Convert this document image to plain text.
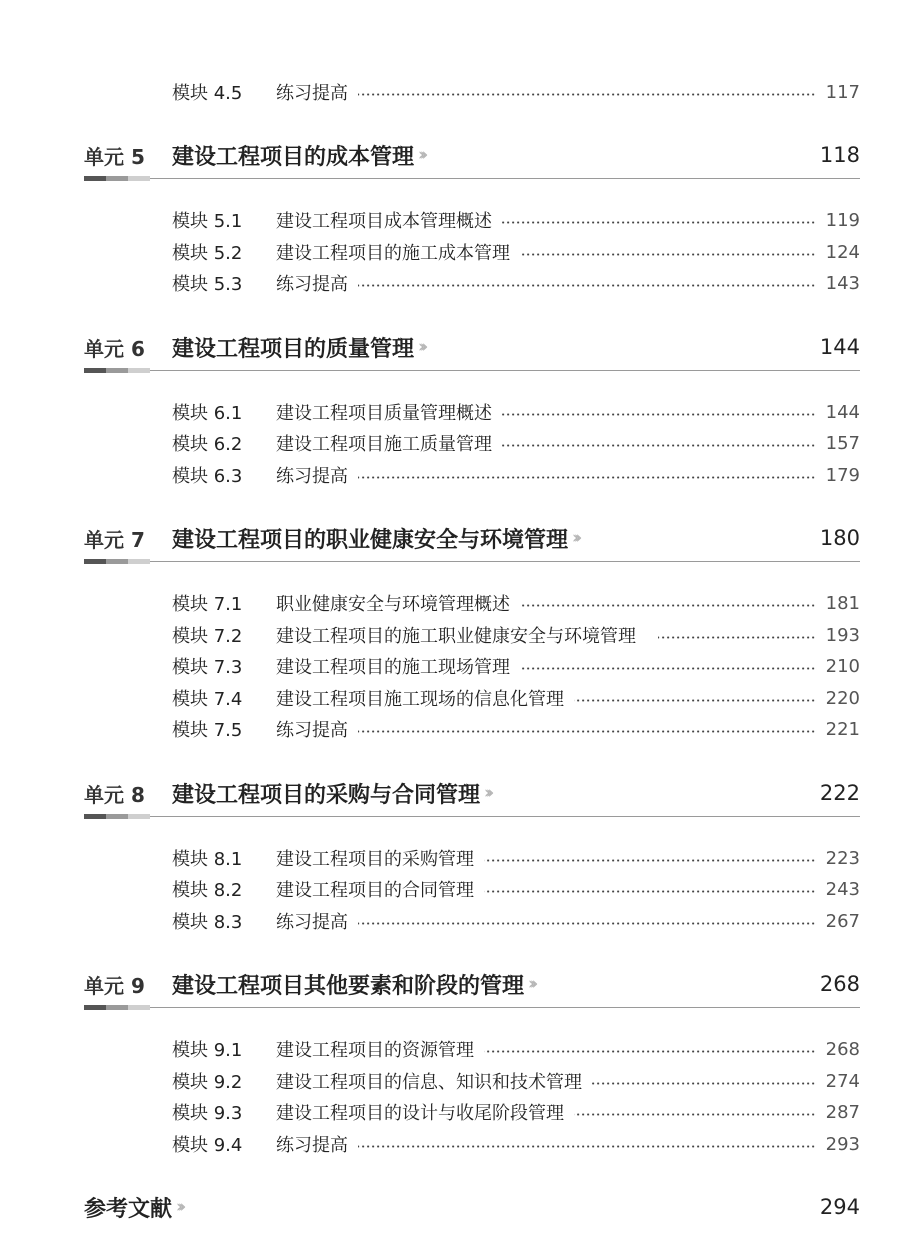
模块 4.5	练习提高	117
单元 5	建设工程项目的成本管理 ›››	118
模块 5.1	建设工程项目成本管理概述	119
模块 5.2	建设工程项目的施工成本管理	124
模块 5.3	练习提高	143
单元 6	建设工程项目的质量管理 ›››	144
模块 6.1	建设工程项目质量管理概述	144
模块 6.2	建设工程项目施工质量管理	157
模块 6.3	练习提高	179
单元 7	建设工程项目的职业健康安全与环境管理 ›››	180
模块 7.1	职业健康安全与环境管理概述	181
模块 7.2	建设工程项目的施工职业健康安全与环境管理	193
模块 7.3	建设工程项目的施工现场管理	210
模块 7.4	建设工程项目施工现场的信息化管理	220
模块 7.5	练习提高	221
单元 8	建设工程项目的采购与合同管理 ›››	222
模块 8.1	建设工程项目的采购管理	223
模块 8.2	建设工程项目的合同管理	243
模块 8.3	练习提高	267
单元 9	建设工程项目其他要素和阶段的管理 ›››	268
模块 9.1	建设工程项目的资源管理	268
模块 9.2	建设工程项目的信息、知识和技术管理	274
模块 9.3	建设工程项目的设计与收尾阶段管理	287
模块 9.4	练习提高	293
参考文献 ›››	294
